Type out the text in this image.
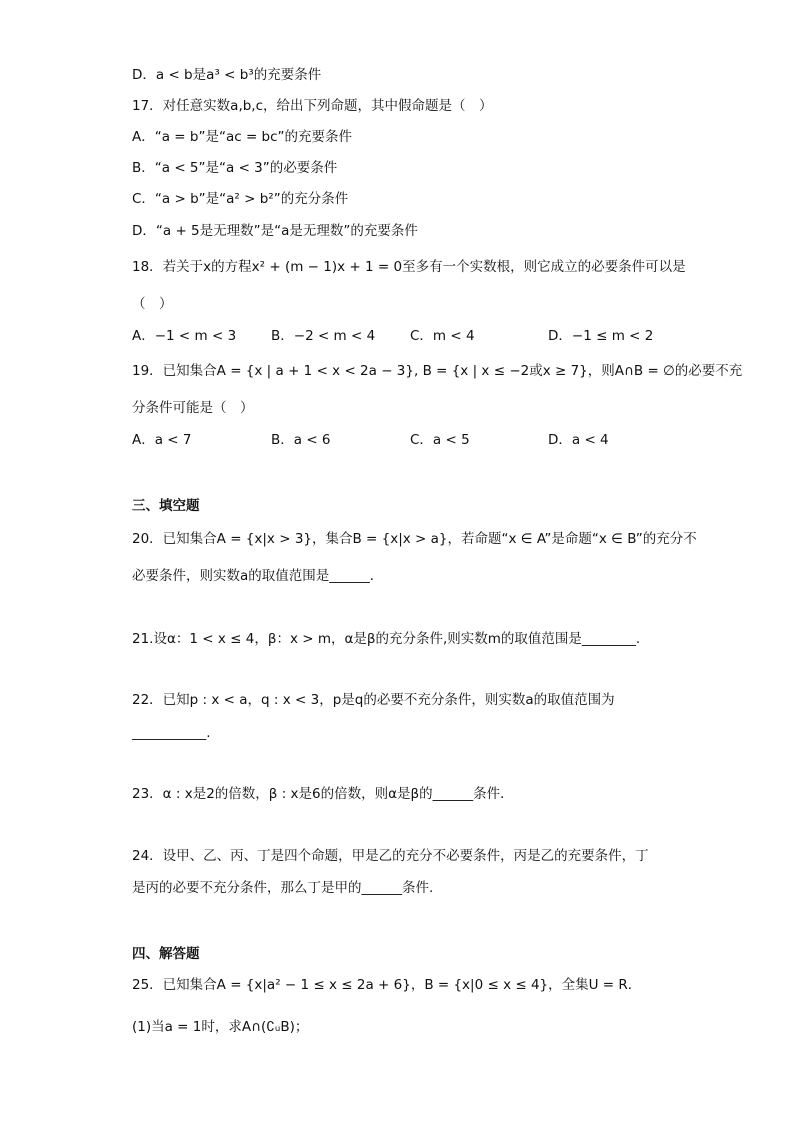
D．a < b是a³ < b³的充要条件
17．对任意实数a,b,c，给出下列命题，其中假命题是（　）
A．“a = b”是“ac = bc”的充要条件
B．“a < 5”是“a < 3”的必要条件
C．“a > b”是“a² > b²”的充分条件
D．“a + 5是无理数”是“a是无理数”的充要条件
18．若关于x的方程x² + (m − 1)x + 1 = 0至多有一个实数根，则它成立的必要条件可以是
（　）
A．−1 < m < 3	B．−2 < m < 4	C．m < 4	D．−1 ≤ m < 2
19．已知集合A = {x | a + 1 < x < 2a − 3}, B = {x | x ≤ −2或x ≥ 7}，则A∩B = ∅的必要不充
分条件可能是（　）
A．a < 7	B．a < 6	C．a < 5	D．a < 4
三、填空题
20．已知集合A = {x|x > 3}，集合B = {x|x > a}，若命题“x ∈ A”是命题“x ∈ B”的充分不
必要条件，则实数a的取值范围是______．
21.设α：1 < x ≤ 4，β：x > m，α是β的充分条件,则实数m的取值范围是________.
22．已知p : x < a，q : x < 3，p是q的必要不充分条件，则实数a的取值范围为
___________.
23．α : x是2的倍数，β : x是6的倍数，则α是β的______条件．
24．设甲、乙、丙、丁是四个命题，甲是乙的充分不必要条件，丙是乙的充要条件，丁
是丙的必要不充分条件，那么丁是甲的______条件.
四、解答题
25．已知集合A = {x|a² − 1 ≤ x ≤ 2a + 6}，B = {x|0 ≤ x ≤ 4}，全集U = R．
(1)当a = 1时，求A∩(∁ᵤB)；
